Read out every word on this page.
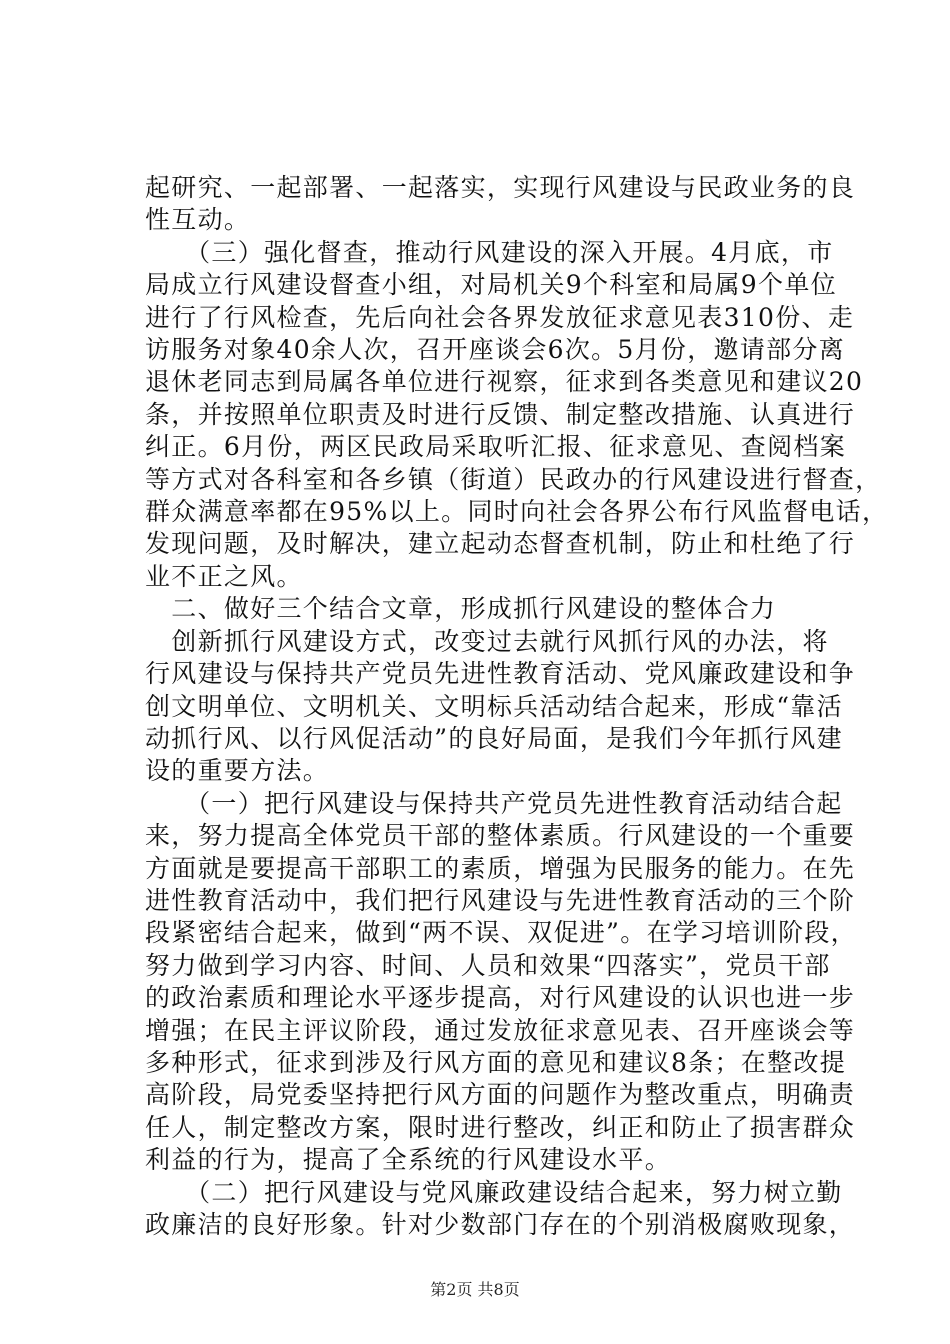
起研究、一起部署、一起落实，实现行风建设与民政业务的良
性互动。

　　（三）强化督查，推动行风建设的深入开展。4月底，市
局成立行风建设督查小组，对局机关9个科室和局属9个单位
进行了行风检查，先后向社会各界发放征求意见表310份、走
访服务对象40余人次，召开座谈会6次。5月份，邀请部分离
退休老同志到局属各单位进行视察，征求到各类意见和建议20
条，并按照单位职责及时进行反馈、制定整改措施、认真进行
纠正。6月份，两区民政局采取听汇报、征求意见、查阅档案
等方式对各科室和各乡镇（街道）民政办的行风建设进行督查，
群众满意率都在95%以上。同时向社会各界公布行风监督电话，
发现问题，及时解决，建立起动态督查机制，防止和杜绝了行
业不正之风。

　二、做好三个结合文章，形成抓行风建设的整体合力

　创新抓行风建设方式，改变过去就行风抓行风的办法，将
行风建设与保持共产党员先进性教育活动、党风廉政建设和争
创文明单位、文明机关、文明标兵活动结合起来，形成“靠活
动抓行风、以行风促活动”的良好局面，是我们今年抓行风建
设的重要方法。

　　（一）把行风建设与保持共产党员先进性教育活动结合起
来，努力提高全体党员干部的整体素质。行风建设的一个重要
方面就是要提高干部职工的素质，增强为民服务的能力。在先
进性教育活动中，我们把行风建设与先进性教育活动的三个阶
段紧密结合起来，做到“两不误、双促进”。在学习培训阶段，
努力做到学习内容、时间、人员和效果“四落实”，党员干部
的政治素质和理论水平逐步提高，对行风建设的认识也进一步
增强；在民主评议阶段，通过发放征求意见表、召开座谈会等
多种形式，征求到涉及行风方面的意见和建议8条；在整改提
高阶段，局党委坚持把行风方面的问题作为整改重点，明确责
任人，制定整改方案，限时进行整改，纠正和防止了损害群众
利益的行为，提高了全系统的行风建设水平。

　　（二）把行风建设与党风廉政建设结合起来，努力树立勤
政廉洁的良好形象。针对少数部门存在的个别消极腐败现象，

第2页 共8页
